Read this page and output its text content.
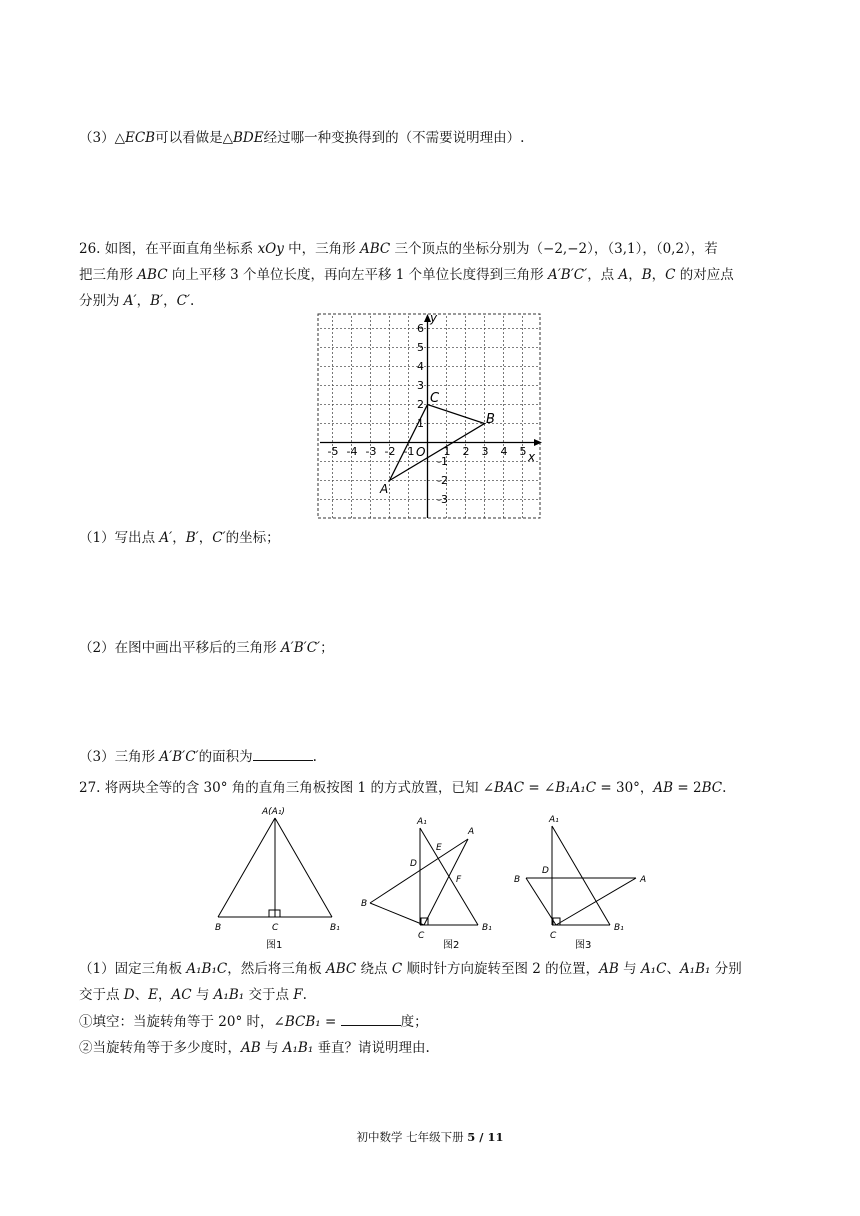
（3）△ECB可以看做是△BDE经过哪一种变换得到的（不需要说明理由）.
26. 如图，在平面直角坐标系 xOy 中，三角形 ABC 三个顶点的坐标分别为（−2,−2），（3,1），（0,2），若
把三角形 ABC 向上平移 3 个单位长度，再向左平移 1 个单位长度得到三角形 A′B′C′，点 A，B，C 的对应点
分别为 A′，B′，C′.
-5 -4 -3 -2 -1	1 2 3 4 5
6
5
4
3
2
1
-1
-2
-3
x
y
O
A
B
C
（1）写出点 A′，B′，C′的坐标；
（2）在图中画出平移后的三角形 A′B′C′；
（3）三角形 A′B′C′的面积为	.
27. 将两块全等的含 30° 角的直角三角板按图 1 的方式放置，已知 ∠BAC = ∠B₁A₁C = 30°，AB = 2BC.
A(A₁)
B	C	B₁
图1
A₁
A
E
D
F
B
C
B₁
图2
A₁
D
B	A
C
B₁
图3
（1）固定三角板 A₁B₁C，然后将三角板 ABC 绕点 C 顺时针方向旋转至图 2 的位置，AB 与 A₁C、A₁B₁ 分别
交于点 D、E，AC 与 A₁B₁ 交于点 F.
①填空：当旋转角等于 20° 时，∠BCB₁ =	度；
②当旋转角等于多少度时，AB 与 A₁B₁ 垂直？请说明理由.
初中数学 七年级下册 5 / 11
